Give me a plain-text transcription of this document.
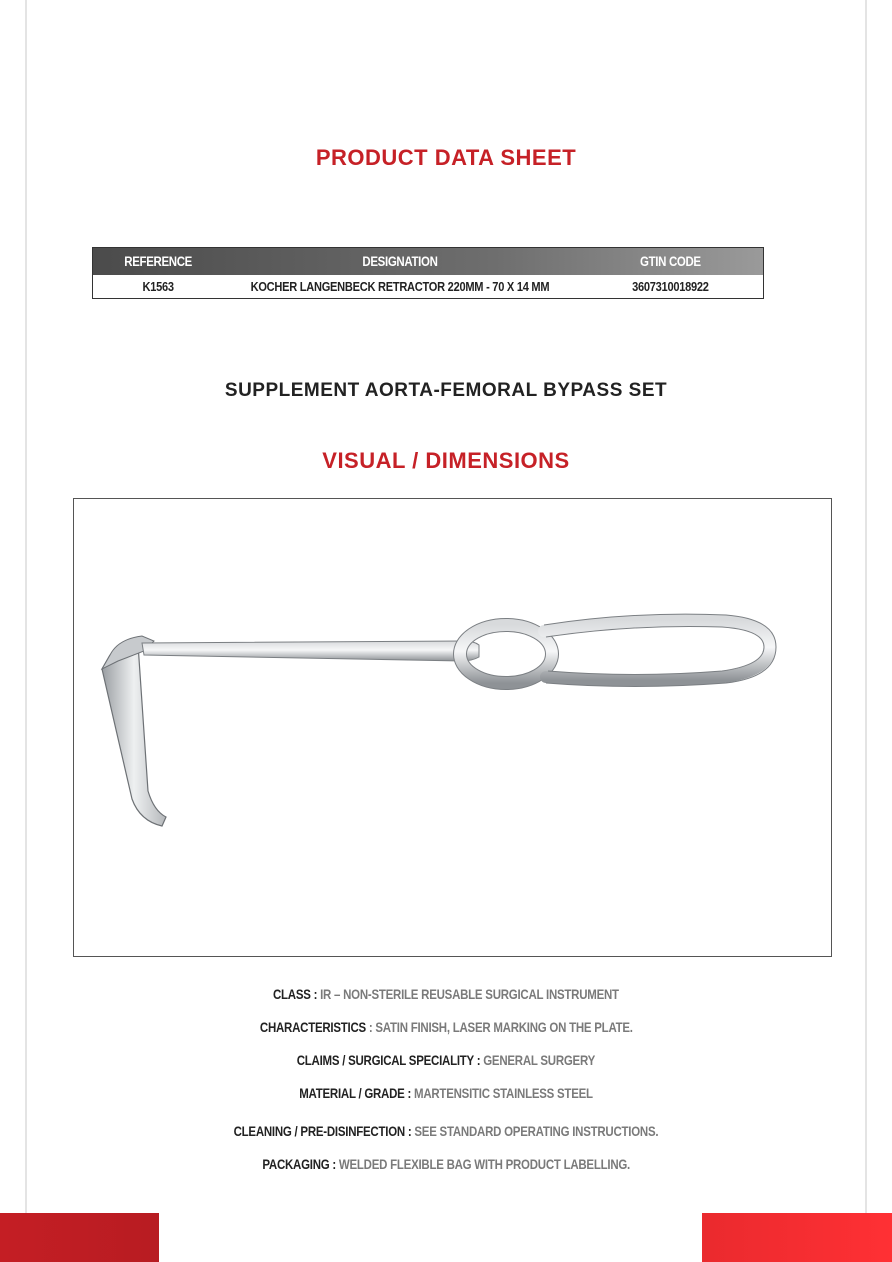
PRODUCT DATA SHEET
REFERENCE	DESIGNATION	GTIN CODE
K1563	KOCHER LANGENBECK RETRACTOR 220MM - 70 X 14 MM	3607310018922
SUPPLEMENT AORTA-FEMORAL BYPASS SET
VISUAL / DIMENSIONS
CLASS : IR – NON-STERILE REUSABLE SURGICAL INSTRUMENT
CHARACTERISTICS : SATIN FINISH, LASER MARKING ON THE PLATE.
CLAIMS / SURGICAL SPECIALITY : GENERAL SURGERY
MATERIAL / GRADE : MARTENSITIC STAINLESS STEEL
CLEANING / PRE-DISINFECTION : SEE STANDARD OPERATING INSTRUCTIONS.
PACKAGING : WELDED FLEXIBLE BAG WITH PRODUCT LABELLING.
